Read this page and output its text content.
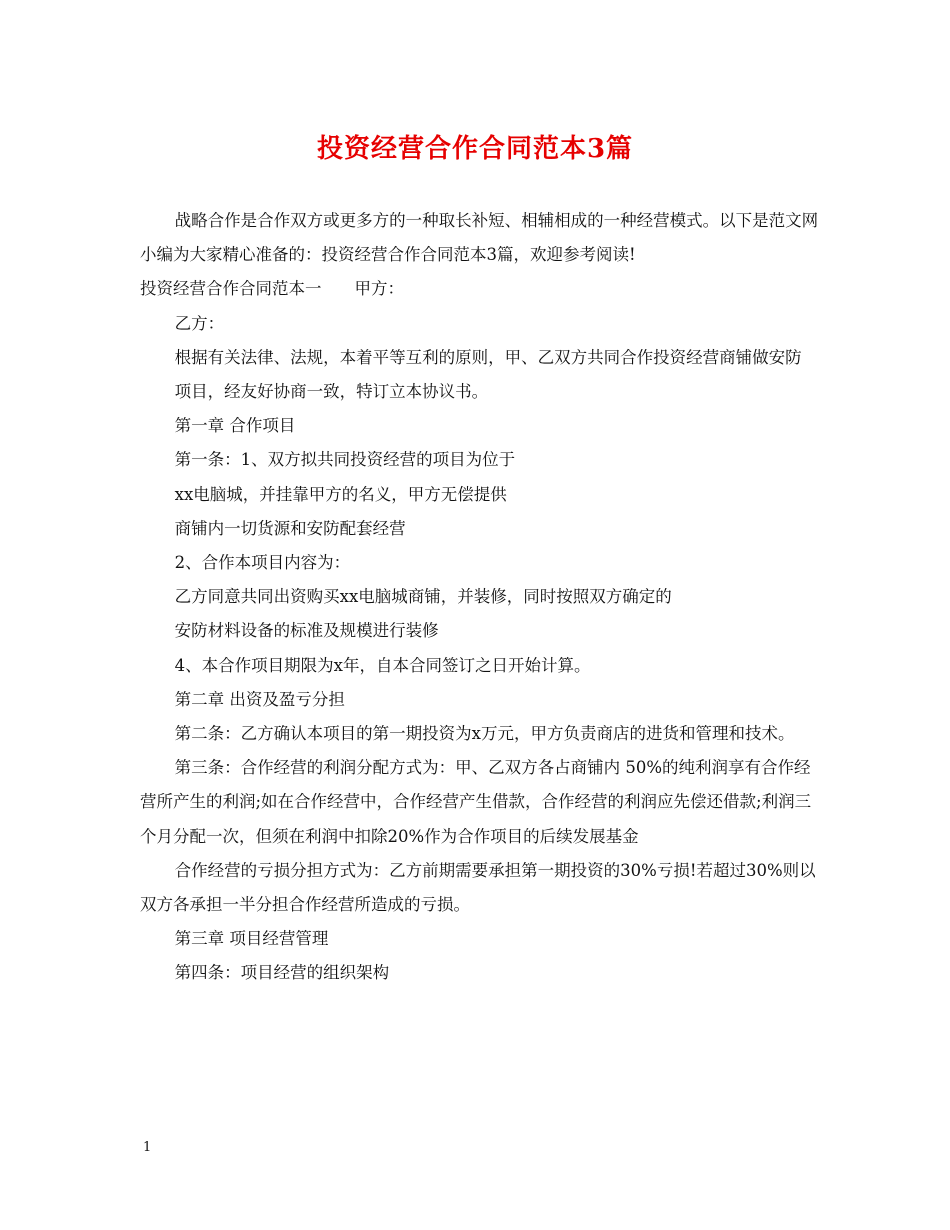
投资经营合作合同范本3篇

战略合作是合作双方或更多方的一种取长补短、相辅相成的一种经营模式。以下是范文网小编为大家精心准备的：投资经营合作合同范本3篇，欢迎参考阅读!

投资经营合作合同范本一　　甲方：

乙方：

根据有关法律、法规，本着平等互利的原则，甲、乙双方共同合作投资经营商铺做安防

项目，经友好协商一致，特订立本协议书。

第一章 合作项目

第一条：1、双方拟共同投资经营的项目为位于

xx电脑城，并挂靠甲方的名义，甲方无偿提供

商铺内一切货源和安防配套经营

2、合作本项目内容为：

乙方同意共同出资购买xx电脑城商铺，并装修，同时按照双方确定的

安防材料设备的标准及规模进行装修

4、本合作项目期限为x年，自本合同签订之日开始计算。

第二章 出资及盈亏分担

第二条：乙方确认本项目的第一期投资为x万元，甲方负责商店的进货和管理和技术。

第三条：合作经营的利润分配方式为：甲、乙双方各占商铺内 50%的纯利润享有合作经营所产生的利润;如在合作经营中，合作经营产生借款，合作经营的利润应先偿还借款;利润三个月分配一次，但须在利润中扣除20%作为合作项目的后续发展基金

合作经营的亏损分担方式为：乙方前期需要承担第一期投资的30%亏损!若超过30%则以双方各承担一半分担合作经营所造成的亏损。

第三章 项目经营管理

第四条：项目经营的组织架构

1
